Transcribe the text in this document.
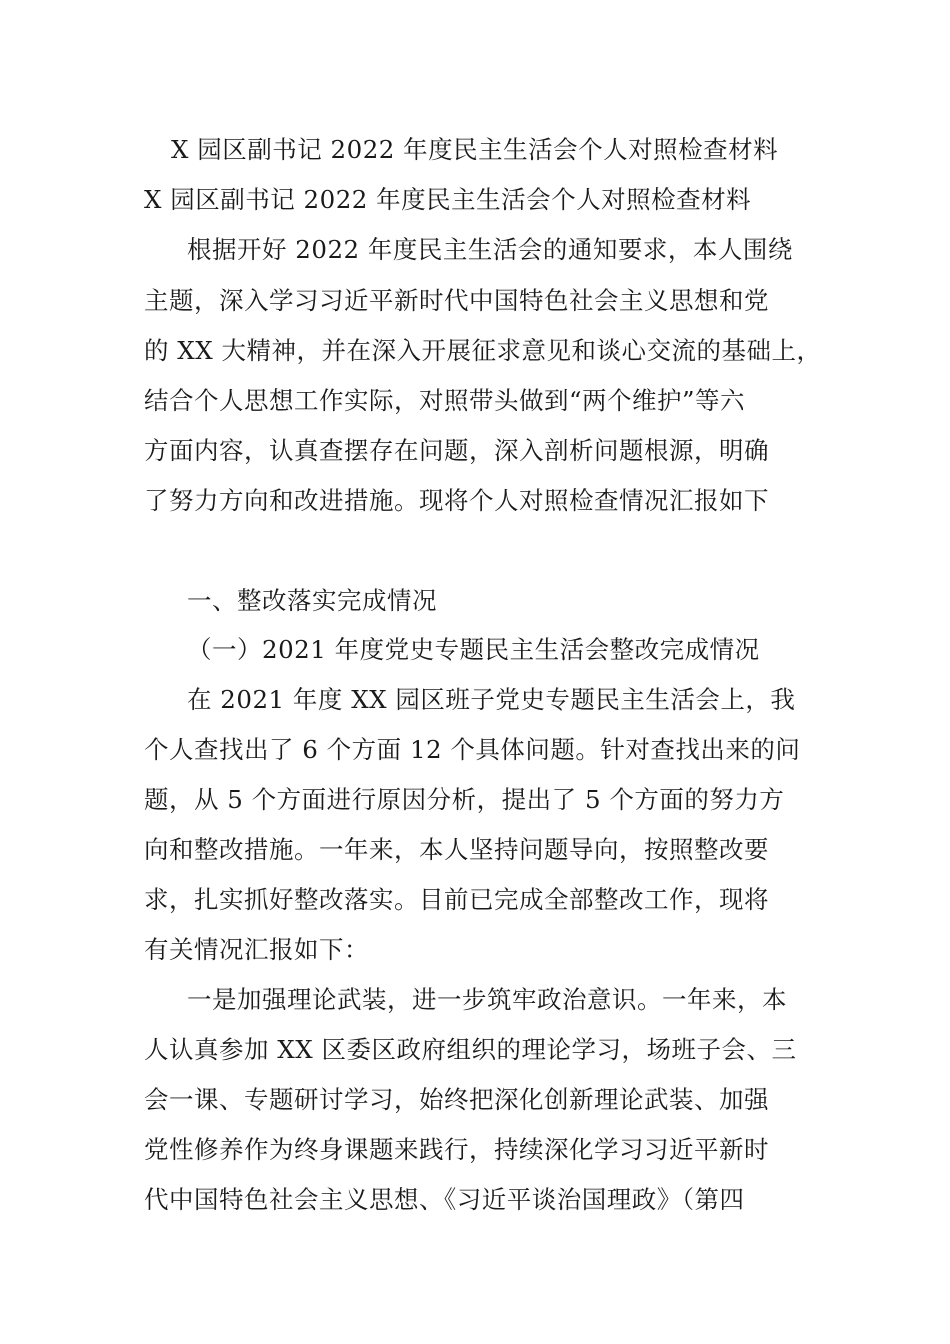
X 园区副书记 2022 年度民主生活会个人对照检查材料
X 园区副书记 2022 年度民主生活会个人对照检查材料
根据开好 2022 年度民主生活会的通知要求，本人围绕
主题，深入学习习近平新时代中国特色社会主义思想和党
的 XX 大精神，并在深入开展征求意见和谈心交流的基础上，
结合个人思想工作实际，对照带头做到“两个维护”等六
方面内容，认真查摆存在问题，深入剖析问题根源，明确
了努力方向和改进措施。现将个人对照检查情况汇报如下
一、整改落实完成情况
（一）2021 年度党史专题民主生活会整改完成情况
在 2021 年度 XX 园区班子党史专题民主生活会上，我
个人查找出了 6 个方面 12 个具体问题。针对查找出来的问
题，从 5 个方面进行原因分析，提出了 5 个方面的努力方
向和整改措施。一年来，本人坚持问题导向，按照整改要
求，扎实抓好整改落实。目前已完成全部整改工作，现将
有关情况汇报如下：
一是加强理论武装，进一步筑牢政治意识。一年来，本
人认真参加 XX 区委区政府组织的理论学习，场班子会、三
会一课、专题研讨学习，始终把深化创新理论武装、加强
党性修养作为终身课题来践行，持续深化学习习近平新时
代中国特色社会主义思想、《习近平谈治国理政》（第四
